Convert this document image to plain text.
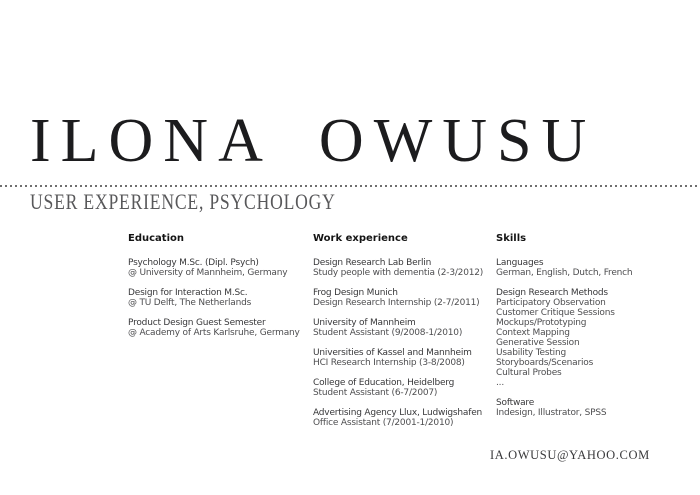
ILONA OWUSU
USER EXPERIENCE, PSYCHOLOGY
Education
Psychology M.Sc. (Dipl. Psych)
@ University of Mannheim, Germany
Design for Interaction M.Sc.
@ TU Delft, The Netherlands
Product Design Guest Semester
@ Academy of Arts Karlsruhe, Germany
Work experience
Design Research Lab Berlin
Study people with dementia (2-3/2012)
Frog Design Munich
Design Research Internship (2-7/2011)
University of Mannheim
Student Assistant (9/2008-1/2010)
Universities of Kassel and Mannheim
HCI Research Internship (3-8/2008)
College of Education, Heidelberg
Student Assistant (6-7/2007)
Advertising Agency Llux, Ludwigshafen
Office Assistant (7/2001-1/2010)
Skills
Languages
German, English, Dutch, French
Design Research Methods
Participatory Observation
Customer Critique Sessions
Mockups/Prototyping
Context Mapping
Generative Session
Usability Testing
Storyboards/Scenarios
Cultural Probes
...
Software
Indesign, Illustrator, SPSS
IA.OWUSU@YAHOO.COM
